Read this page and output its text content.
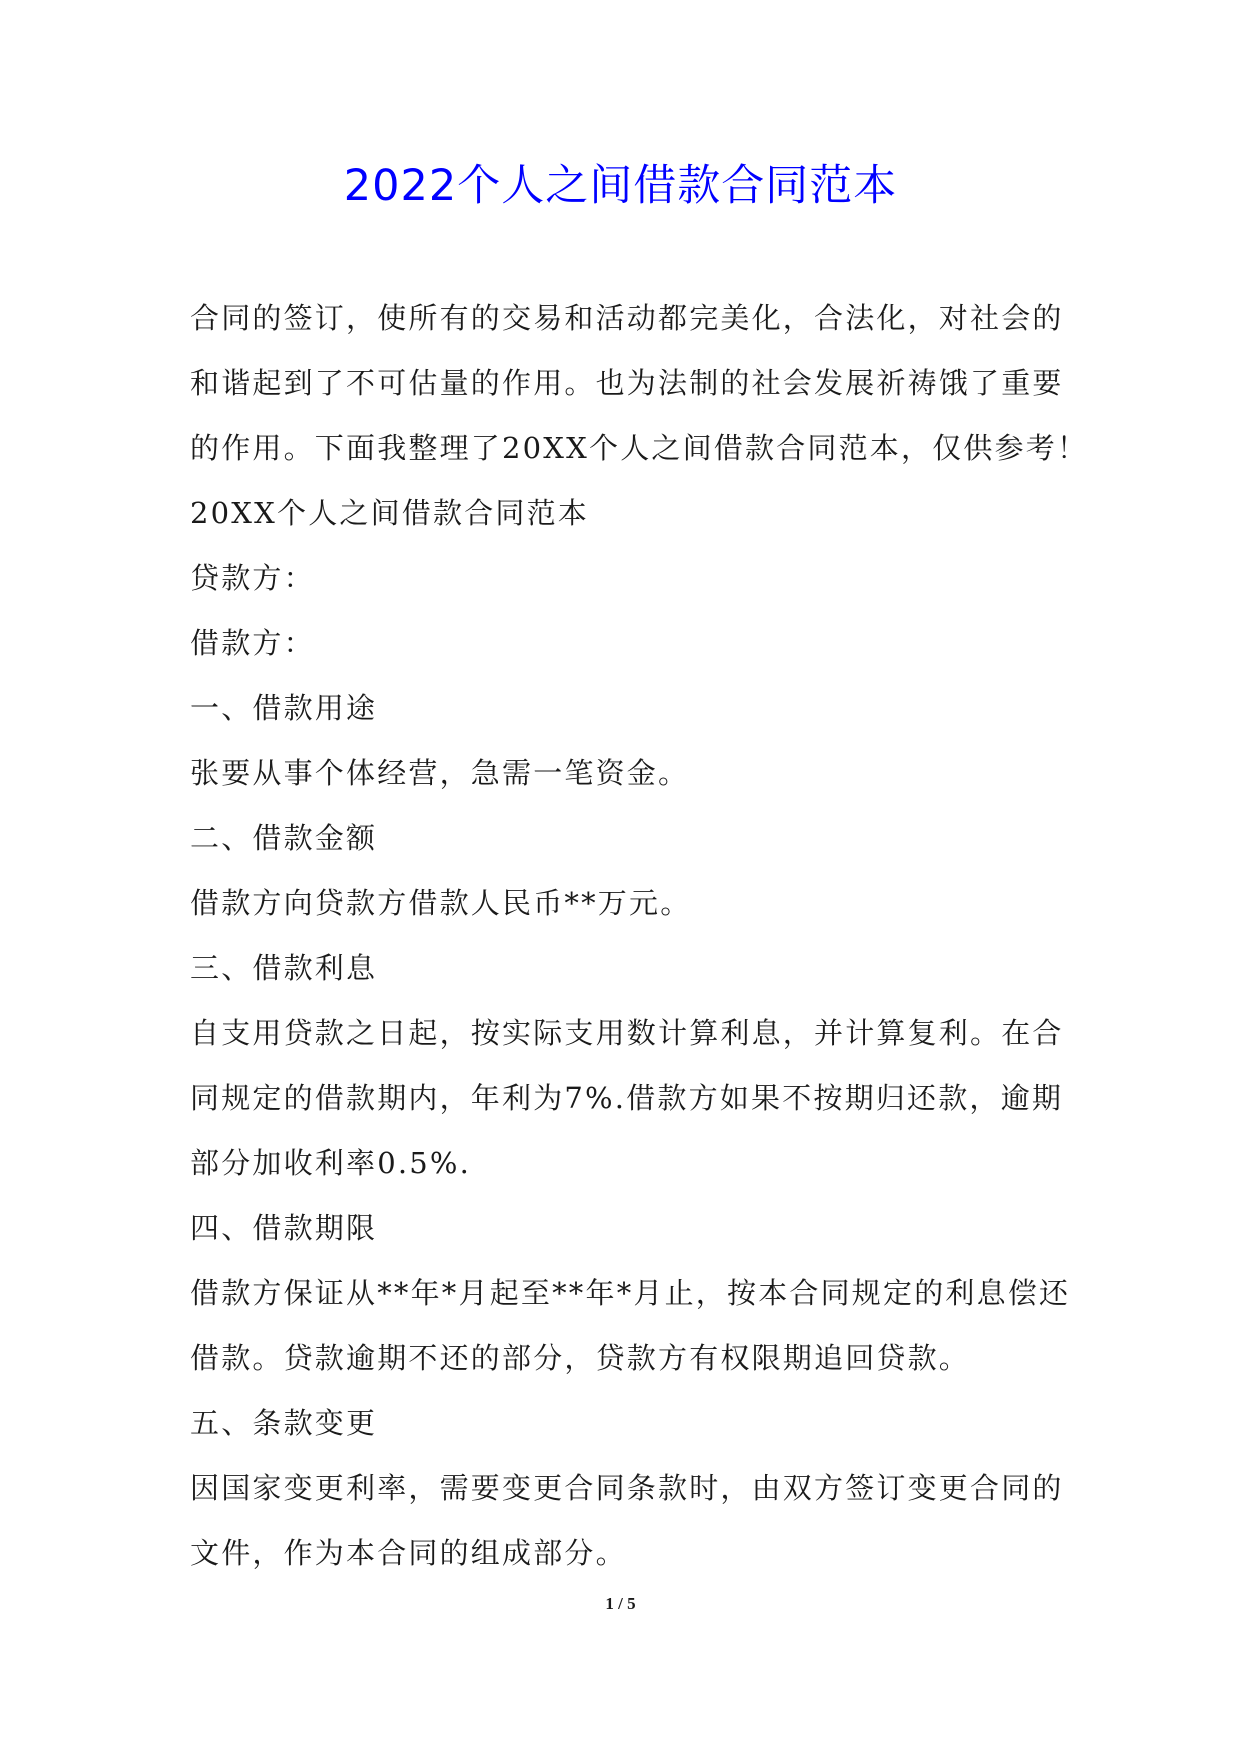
2022个人之间借款合同范本
合同的签订，使所有的交易和活动都完美化，合法化，对社会的
和谐起到了不可估量的作用。也为法制的社会发展祈祷饿了重要
的作用。下面我整理了20XX个人之间借款合同范本，仅供参考！
20XX个人之间借款合同范本
贷款方：
借款方：
一、借款用途
张要从事个体经营，急需一笔资金。
二、借款金额
借款方向贷款方借款人民币**万元。
三、借款利息
自支用贷款之日起，按实际支用数计算利息，并计算复利。在合
同规定的借款期内，年利为7%.借款方如果不按期归还款，逾期
部分加收利率0.5%.
四、借款期限
借款方保证从**年*月起至**年*月止，按本合同规定的利息偿还
借款。贷款逾期不还的部分，贷款方有权限期追回贷款。
五、条款变更
因国家变更利率，需要变更合同条款时，由双方签订变更合同的
文件，作为本合同的组成部分。
1 / 5
